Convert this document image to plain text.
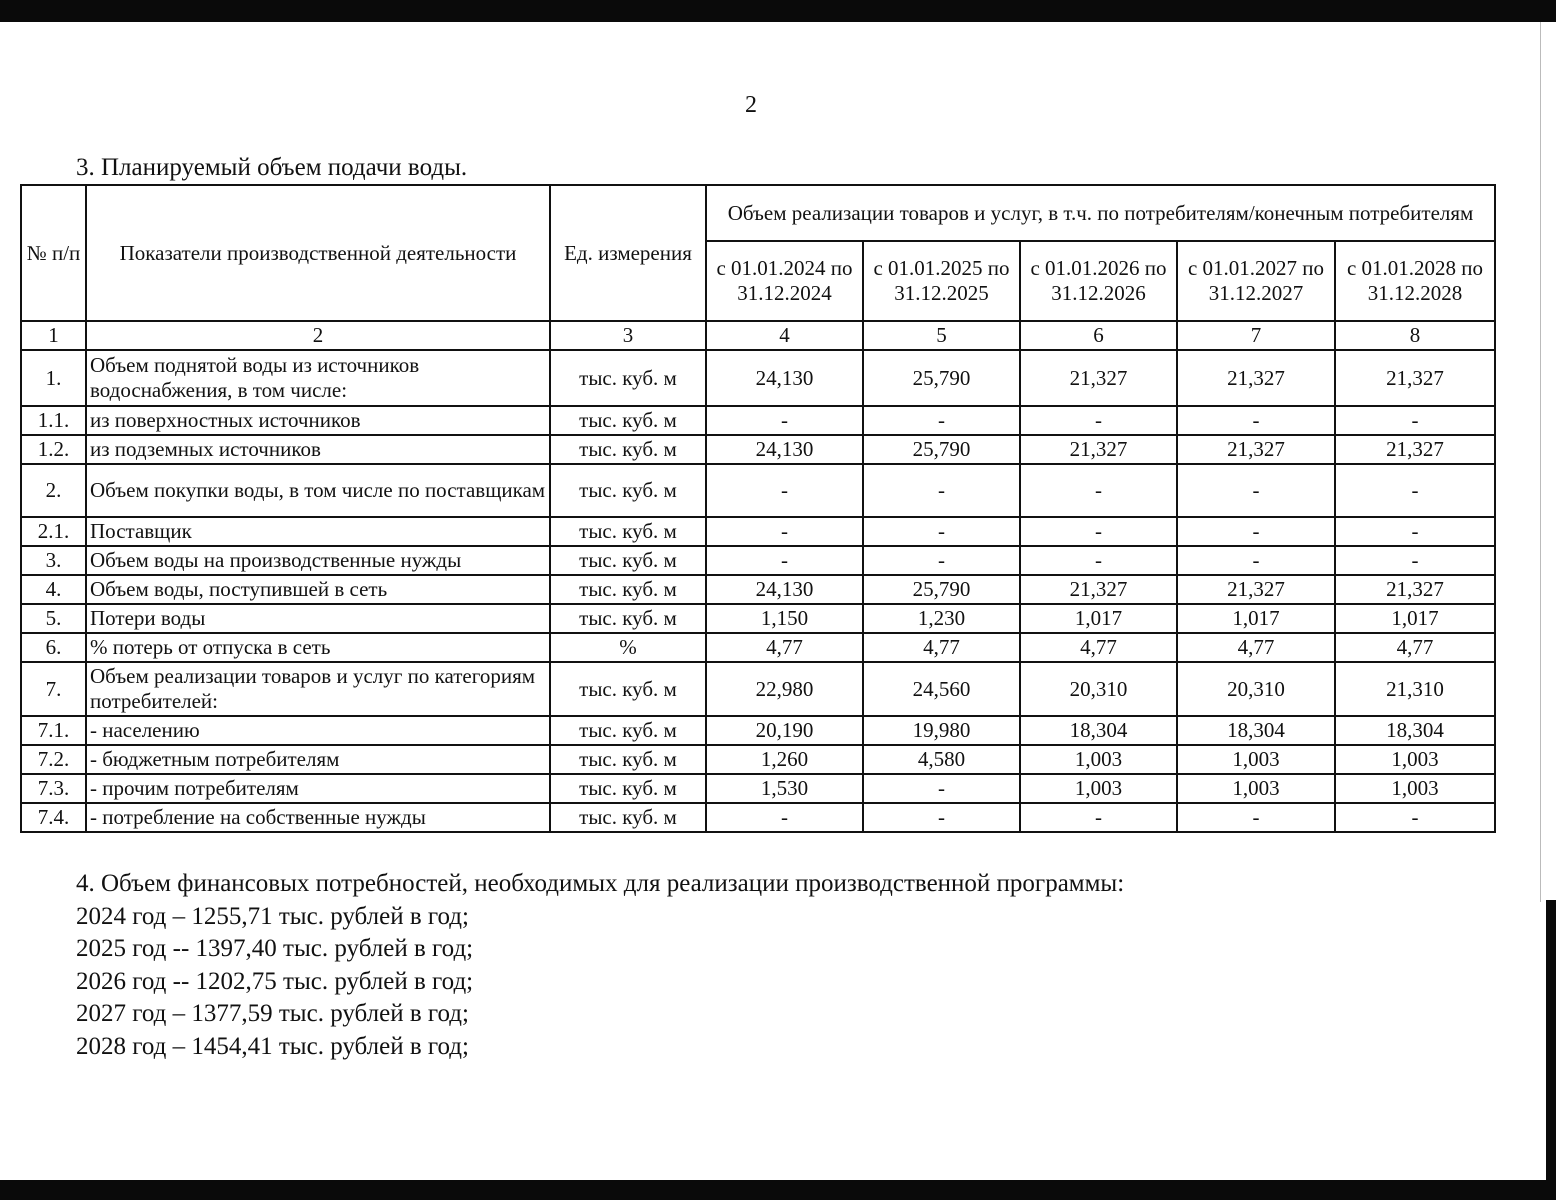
2
3. Планируемый объем подачи воды.
№ п/п	Показатели производственной деятельности	Ед. измерения	Объем реализации товаров и услуг, в т.ч. по потребителям/конечным потребителям				
			с 01.01.2024 по 31.12.2024	с 01.01.2025 по 31.12.2025	с 01.01.2026 по 31.12.2026	с 01.01.2027 по 31.12.2027	с 01.01.2028 по 31.12.2028
1	2	3	4	5	6	7	8
1.	Объем поднятой воды из источников водоснабжения, в том числе:	тыс. куб. м	24,130	25,790	21,327	21,327	21,327
1.1.	из поверхностных источников	тыс. куб. м	-	-	-	-	-
1.2.	из подземных источников	тыс. куб. м	24,130	25,790	21,327	21,327	21,327
2.	Объем покупки воды, в том числе по поставщикам	тыс. куб. м	-	-	-	-	-
2.1.	Поставщик	тыс. куб. м	-	-	-	-	-
3.	Объем воды на производственные нужды	тыс. куб. м	-	-	-	-	-
4.	Объем воды, поступившей в сеть	тыс. куб. м	24,130	25,790	21,327	21,327	21,327
5.	Потери воды	тыс. куб. м	1,150	1,230	1,017	1,017	1,017
6.	% потерь от отпуска в сеть	%	4,77	4,77	4,77	4,77	4,77
7.	Объем реализации товаров и услуг по категориям потребителей:	тыс. куб. м	22,980	24,560	20,310	20,310	21,310
7.1.	- населению	тыс. куб. м	20,190	19,980	18,304	18,304	18,304
7.2.	- бюджетным потребителям	тыс. куб. м	1,260	4,580	1,003	1,003	1,003
7.3.	- прочим потребителям	тыс. куб. м	1,530	-	1,003	1,003	1,003
7.4.	- потребление на собственные нужды	тыс. куб. м	-	-	-	-	-
4. Объем финансовых потребностей, необходимых для реализации производственной программы:
2024 год – 1255,71 тыс. рублей в год;
2025 год -- 1397,40 тыс. рублей в год;
2026 год -- 1202,75 тыс. рублей в год;
2027 год – 1377,59 тыс. рублей в год;
2028 год – 1454,41 тыс. рублей в год;
